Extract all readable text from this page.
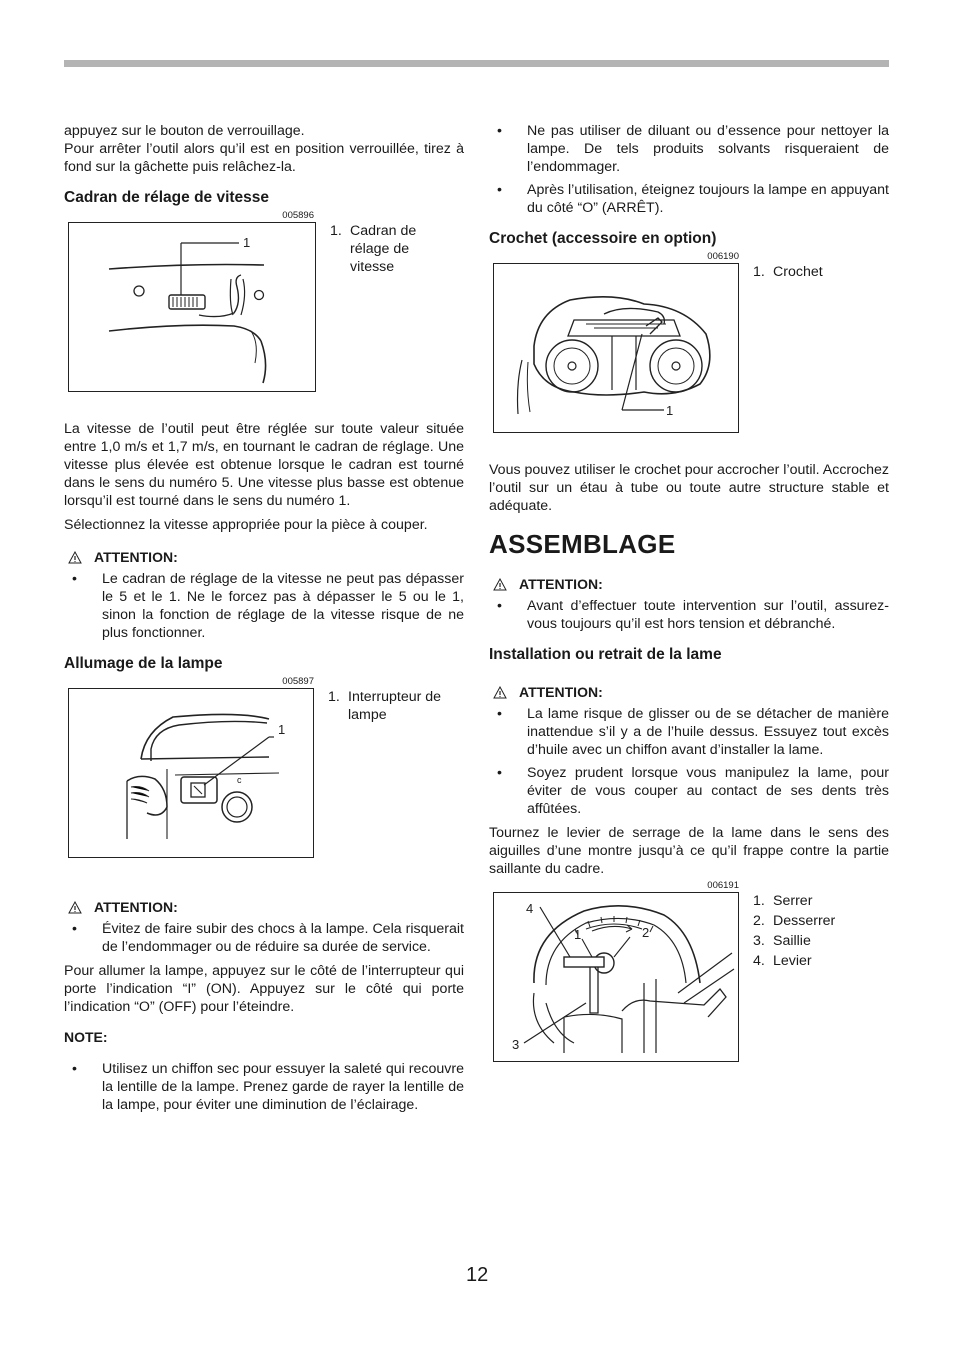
appuyez sur le bouton de verrouillage.

Pour arrêter l’outil alors qu’il est en position verrouillée, tirez à fond sur la gâchette puis relâchez-la.

Cadran de rélage de vitesse
005896
1
1. Cadran de rélage de vitesse

La vitesse de l’outil peut être réglée sur toute valeur située entre 1,0 m/s et 1,7 m/s, en tournant le cadran de réglage. Une vitesse plus élevée est obtenue lorsque le cadran est tourné dans le sens du numéro 5. Une vitesse plus basse est obtenue lorsqu’il est tourné dans le sens du numéro 1.

Sélectionnez la vitesse appropriée pour la pièce à couper.

ATTENTION:
•	Le cadran de réglage de la vitesse ne peut pas dépasser le 5 et le 1. Ne le forcez pas à dépasser le 5 ou le 1, sinon la fonction de réglage de la vitesse risque de ne plus fonctionner.
Allumage de la lampe
005897
1
c
1. Interrupteur de lampe
ATTENTION:
•	Évitez de faire subir des chocs à la lampe. Cela risquerait de l’endommager ou de réduire sa durée de service.

Pour allumer la lampe, appuyez sur le côté de l’interrupteur qui porte l’indication “I” (ON). Appuyez sur le côté qui porte l’indication “O” (OFF) pour l’éteindre.

NOTE:
•	Utilisez un chiffon sec pour essuyer la saleté qui recouvre la lentille de la lampe. Prenez garde de rayer la lentille de la lampe, pour éviter une diminution de l’éclairage.
•	Ne pas utiliser de diluant ou d’essence pour nettoyer la lampe. De tels produits solvants risqueraient de l’endommager.
•	Après l’utilisation, éteignez toujours la lampe en appuyant du côté “O” (ARRÊT).
Crochet (accessoire en option)
006190
1
1. Crochet

Vous pouvez utiliser le crochet pour accrocher l’outil. Accrochez l’outil sur un étau à tube ou toute autre structure stable et adéquate.

ASSEMBLAGE
ATTENTION:
•	Avant d’effectuer toute intervention sur l’outil, assurez-vous toujours qu’il est hors tension et débranché.
Installation ou retrait de la lame
ATTENTION:
•	La lame risque de glisser ou de se détacher de manière inattendue s’il y a de l’huile dessus. Essuyez tout excès d’huile avec un chiffon avant d’installer la lame.
•	Soyez prudent lorsque vous manipulez la lame, pour éviter de vous couper au contact de ses dents très affûtées.

Tournez le levier de serrage de la lame dans le sens des aiguilles d’une montre jusqu’à ce qu’il frappe contre la partie saillante du cadre.

006191
4
1	2
3
1. Serrer
2. Desserrer
3. Saillie
4. Levier
12
